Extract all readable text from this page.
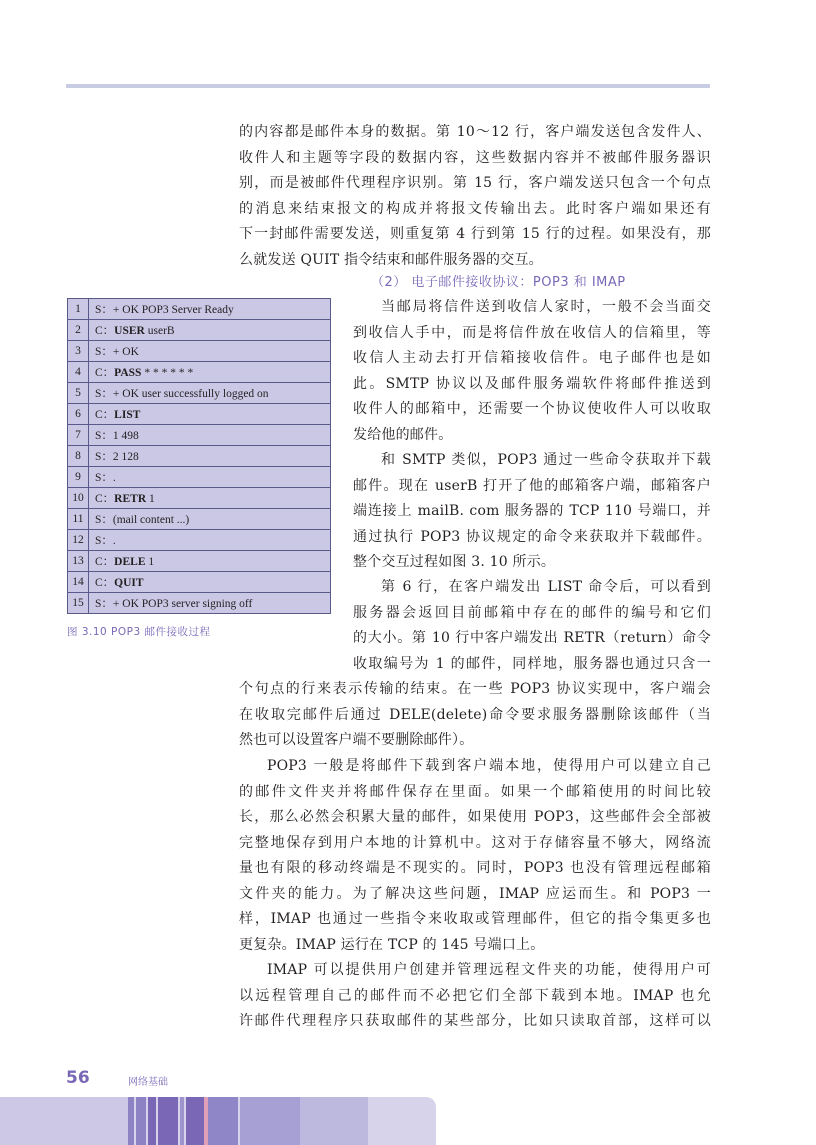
的内容都是邮件本身的数据。第 10～12 行，客户端发送包含发件人、
收件人和主题等字段的数据内容，这些数据内容并不被邮件服务器识
别，而是被邮件代理程序识别。第 15 行，客户端发送只包含一个句点
的消息来结束报文的构成并将报文传输出去。此时客户端如果还有
下一封邮件需要发送，则重复第 4 行到第 15 行的过程。如果没有，那
么就发送 QUIT 指令结束和邮件服务器的交互。
（2） 电子邮件接收协议：POP3 和 IMAP
当邮局将信件送到收信人家时，一般不会当面交
到收信人手中，而是将信件放在收信人的信箱里，等
收信人主动去打开信箱接收信件。电子邮件也是如
此。SMTP 协议以及邮件服务端软件将邮件推送到
收件人的邮箱中，还需要一个协议使收件人可以收取
发给他的邮件。
和 SMTP 类似，POP3 通过一些命令获取并下载
邮件。现在 userB 打开了他的邮箱客户端，邮箱客户
端连接上 mailB. com 服务器的 TCP 110 号端口，并
通过执行 POP3 协议规定的命令来获取并下载邮件。
整个交互过程如图 3. 10 所示。
第 6 行，在客户端发出 LIST 命令后，可以看到
服务器会返回目前邮箱中存在的邮件的编号和它们
的大小。第 10 行中客户端发出 RETR（return）命令
收取编号为 1 的邮件，同样地，服务器也通过只含一
个句点的行来表示传输的结束。在一些 POP3 协议实现中，客户端会
在收取完邮件后通过 DELE(delete)命令要求服务器删除该邮件（当
然也可以设置客户端不要删除邮件）。
POP3 一般是将邮件下载到客户端本地，使得用户可以建立自己
的邮件文件夹并将邮件保存在里面。如果一个邮箱使用的时间比较
长，那么必然会积累大量的邮件，如果使用 POP3，这些邮件会全部被
完整地保存到用户本地的计算机中。这对于存储容量不够大，网络流
量也有限的移动终端是不现实的。同时，POP3 也没有管理远程邮箱
文件夹的能力。为了解决这些问题，IMAP 应运而生。和 POP3 一
样，IMAP 也通过一些指令来收取或管理邮件，但它的指令集更多也
更复杂。IMAP 运行在 TCP 的 145 号端口上。
IMAP 可以提供用户创建并管理远程文件夹的功能，使得用户可
以远程管理自己的邮件而不必把它们全部下载到本地。IMAP 也允
许邮件代理程序只获取邮件的某些部分，比如只读取首部，这样可以
1	S：+ OK POP3 Server Ready
2	C：USER userB
3	S：+ OK
4	C：PASS * * * * * *
5	S：+ OK user successfully logged on
6	C：LIST
7	S：1 498
8	S：2 128
9	S：.
10	C：RETR 1
11	S：(mail content ...)
12	S：.
13	C：DELE 1
14	C：QUIT
15	S：+ OK POP3 server signing off
图 3.10 POP3 邮件接收过程
56	网络基础
